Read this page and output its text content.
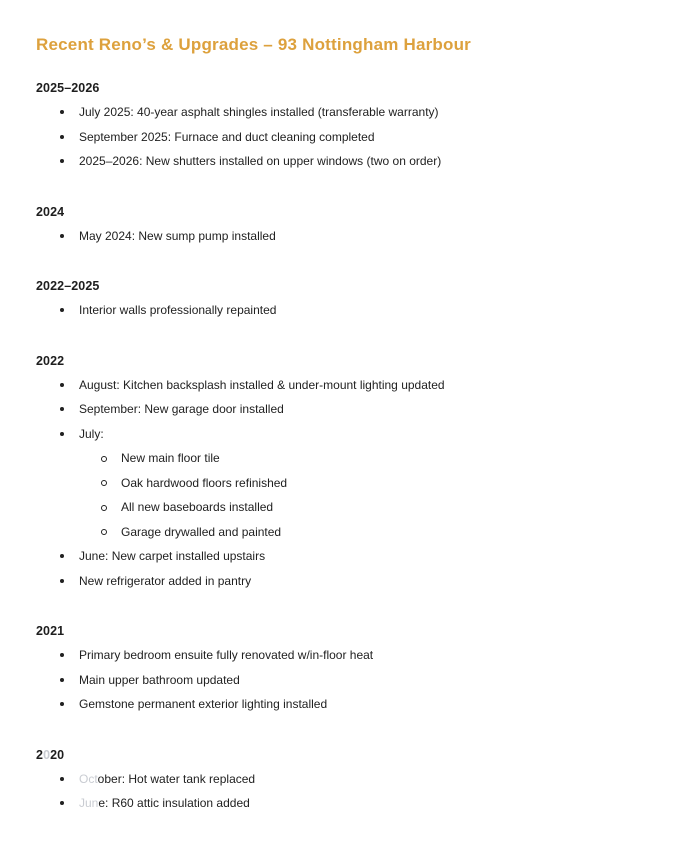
Recent Reno’s & Upgrades – 93 Nottingham Harbour
2025–2026
July 2025: 40-year asphalt shingles installed (transferable warranty)
September 2025: Furnace and duct cleaning completed
2025–2026: New shutters installed on upper windows (two on order)
2024
May 2024: New sump pump installed
2022–2025
Interior walls professionally repainted
2022
August: Kitchen backsplash installed & under-mount lighting updated
September: New garage door installed
July:
New main floor tile
Oak hardwood floors refinished
All new baseboards installed
Garage drywalled and painted
June: New carpet installed upstairs
New refrigerator added in pantry
2021
Primary bedroom ensuite fully renovated w/in-floor heat
Main upper bathroom updated
Gemstone permanent exterior lighting installed
2020
October: Hot water tank replaced
June: R60 attic insulation added
